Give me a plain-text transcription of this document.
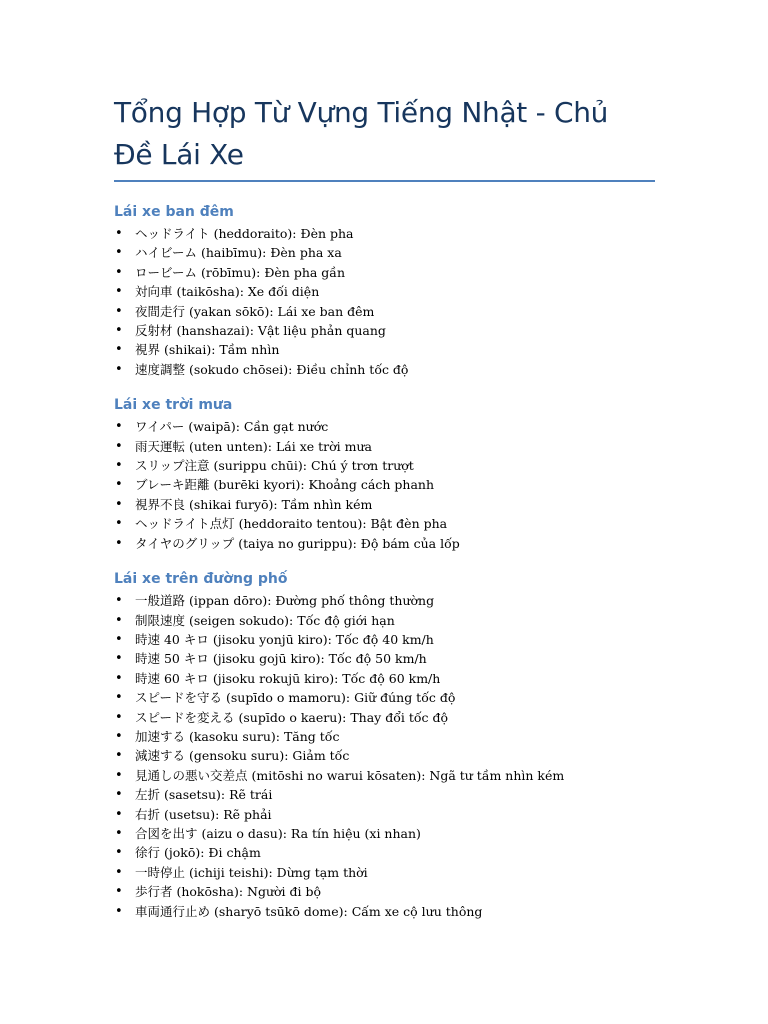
Tổng Hợp Từ Vựng Tiếng Nhật - Chủ Đề Lái Xe
Lái xe ban đêm
• ヘッドライト (heddoraito): Đèn pha
• ハイビーム (haibīmu): Đèn pha xa
• ロービーム (rōbīmu): Đèn pha gần
• 対向車 (taikōsha): Xe đối diện
• 夜間走行 (yakan sōkō): Lái xe ban đêm
• 反射材 (hanshazai): Vật liệu phản quang
• 視界 (shikai): Tầm nhìn
• 速度調整 (sokudo chōsei): Điều chỉnh tốc độ
Lái xe trời mưa
• ワイパー (waipā): Cần gạt nước
• 雨天運転 (uten unten): Lái xe trời mưa
• スリップ注意 (surippu chūi): Chú ý trơn trượt
• ブレーキ距離 (burēki kyori): Khoảng cách phanh
• 視界不良 (shikai furyō): Tầm nhìn kém
• ヘッドライト点灯 (heddoraito tentou): Bật đèn pha
• タイヤのグリップ (taiya no gurippu): Độ bám của lốp
Lái xe trên đường phố
• 一般道路 (ippan dōro): Đường phố thông thường
• 制限速度 (seigen sokudo): Tốc độ giới hạn
• 時速 40 キロ (jisoku yonjū kiro): Tốc độ 40 km/h
• 時速 50 キロ (jisoku gojū kiro): Tốc độ 50 km/h
• 時速 60 キロ (jisoku rokujū kiro): Tốc độ 60 km/h
• スピードを守る (supīdo o mamoru): Giữ đúng tốc độ
• スピードを変える (supīdo o kaeru): Thay đổi tốc độ
• 加速する (kasoku suru): Tăng tốc
• 減速する (gensoku suru): Giảm tốc
• 見通しの悪い交差点 (mitōshi no warui kōsaten): Ngã tư tầm nhìn kém
• 左折 (sasetsu): Rẽ trái
• 右折 (usetsu): Rẽ phải
• 合図を出す (aizu o dasu): Ra tín hiệu (xi nhan)
• 徐行 (jokō): Đi chậm
• 一時停止 (ichiji teishi): Dừng tạm thời
• 歩行者 (hokōsha): Người đi bộ
• 車両通行止め (sharyō tsūkō dome): Cấm xe cộ lưu thông
